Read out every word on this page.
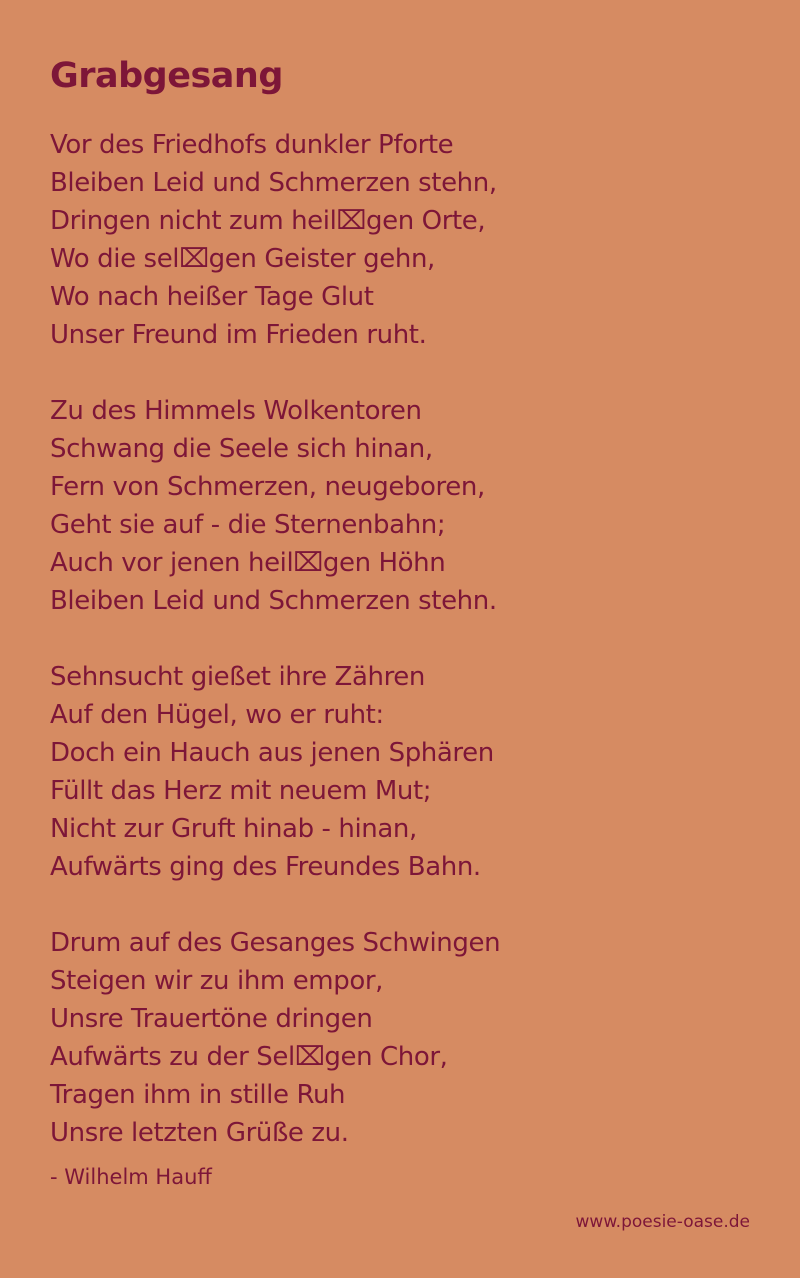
Grabgesang
Vor des Friedhofs dunkler Pforte
Bleiben Leid und Schmerzen stehn,
Dringen nicht zum heil⌧gen Orte,
Wo die sel⌧gen Geister gehn,
Wo nach heißer Tage Glut
Unser Freund im Frieden ruht.
Zu des Himmels Wolkentoren
Schwang die Seele sich hinan,
Fern von Schmerzen, neugeboren,
Geht sie auf - die Sternenbahn;
Auch vor jenen heil⌧gen Höhn
Bleiben Leid und Schmerzen stehn.
Sehnsucht gießet ihre Zähren
Auf den Hügel, wo er ruht:
Doch ein Hauch aus jenen Sphären
Füllt das Herz mit neuem Mut;
Nicht zur Gruft hinab - hinan,
Aufwärts ging des Freundes Bahn.
Drum auf des Gesanges Schwingen
Steigen wir zu ihm empor,
Unsre Trauertöne dringen
Aufwärts zu der Sel⌧gen Chor,
Tragen ihm in stille Ruh
Unsre letzten Grüße zu.
- Wilhelm Hauff
www.poesie-oase.de
